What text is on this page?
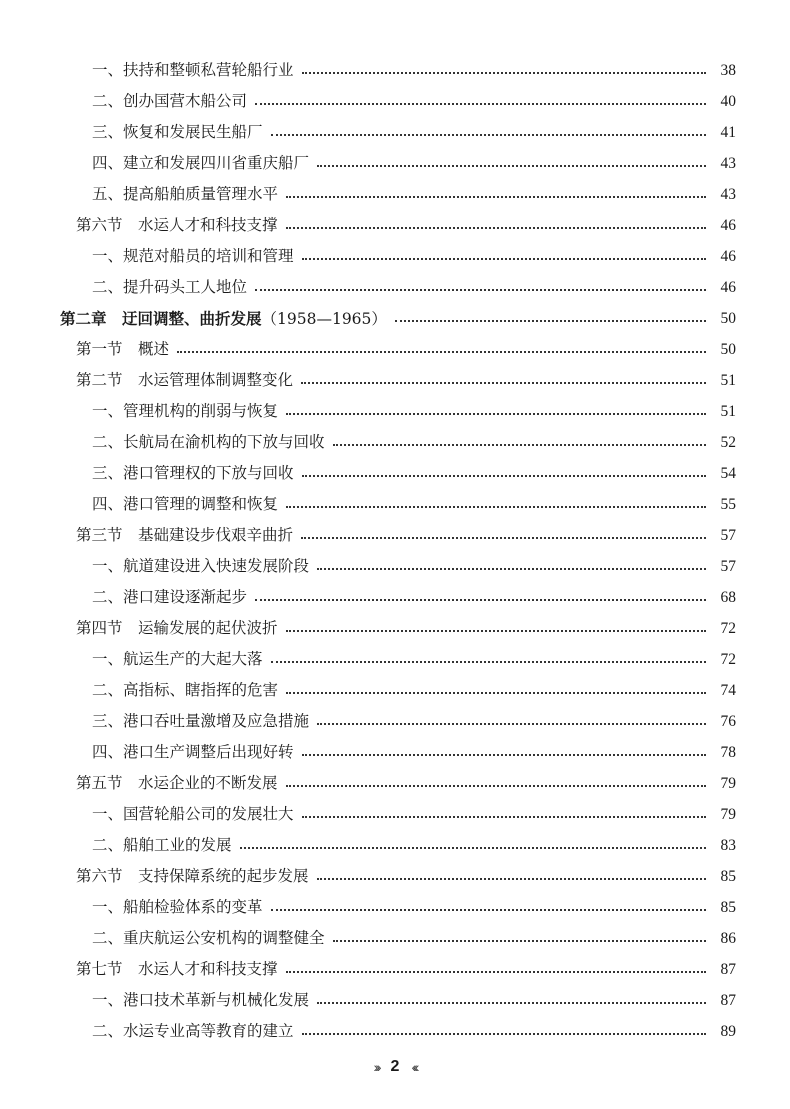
一、扶持和整顿私营轮船行业	38
二、创办国营木船公司	40
三、恢复和发展民生船厂	41
四、建立和发展四川省重庆船厂	43
五、提高船舶质量管理水平	43
第六节　水运人才和科技支撑	46
一、规范对船员的培训和管理	46
二、提升码头工人地位	46
第二章　迂回调整、曲折发展（1958—1965）	50
第一节　概述	50
第二节　水运管理体制调整变化	51
一、管理机构的削弱与恢复	51
二、长航局在渝机构的下放与回收	52
三、港口管理权的下放与回收	54
四、港口管理的调整和恢复	55
第三节　基础建设步伐艰辛曲折	57
一、航道建设进入快速发展阶段	57
二、港口建设逐渐起步	68
第四节　运输发展的起伏波折	72
一、航运生产的大起大落	72
二、高指标、瞎指挥的危害	74
三、港口吞吐量激增及应急措施	76
四、港口生产调整后出现好转	78
第五节　水运企业的不断发展	79
一、国营轮船公司的发展壮大	79
二、船舶工业的发展	83
第六节　支持保障系统的起步发展	85
一、船舶检验体系的变革	85
二、重庆航运公安机构的调整健全	86
第七节　水运人才和科技支撑	87
一、港口技术革新与机械化发展	87
二、水运专业高等教育的建立	89
››› 2 ‹‹‹
